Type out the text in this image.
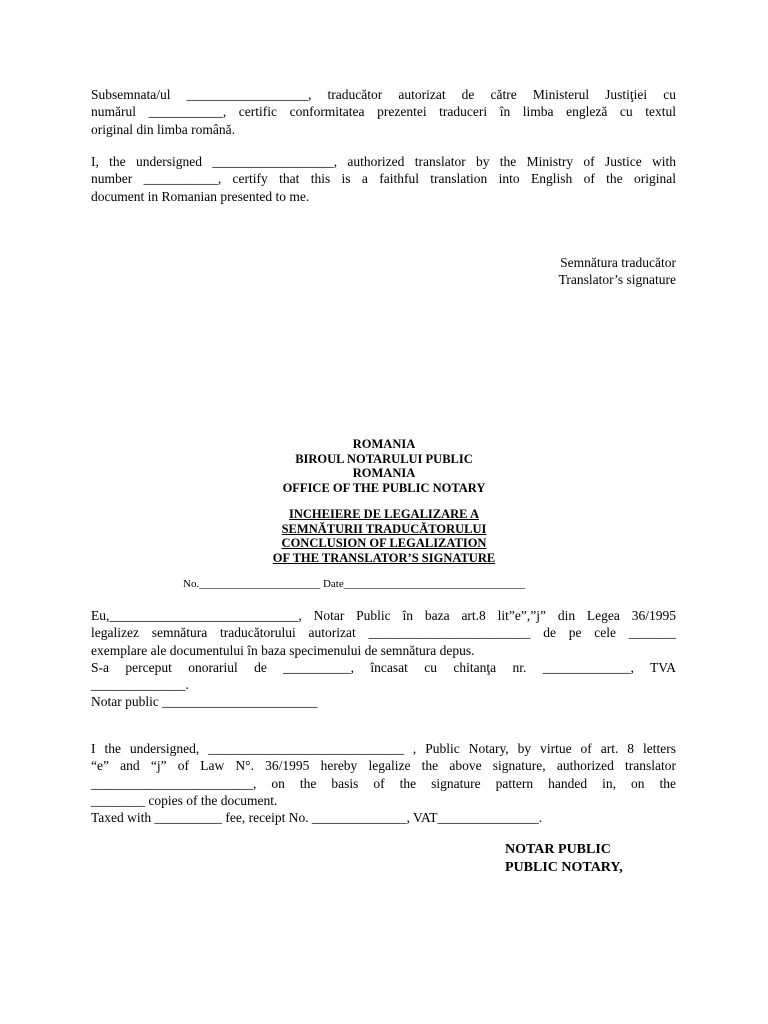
Subsemnata/ul __________________, traducător autorizat de către Ministerul Justiţiei cu
numărul ___________, certific conformitatea prezentei traduceri în limba engleză cu textul
original din limba română.
I, the undersigned __________________, authorized translator by the Ministry of Justice with
number ___________, certify that this is a faithful translation into English of the original
document in Romanian presented to me.
Semnătura traducător
Translator’s signature
ROMANIA
BIROUL NOTARULUI PUBLIC
ROMANIA
OFFICE OF THE PUBLIC NOTARY
INCHEIERE DE LEGALIZARE A
SEMNĂTURII TRADUCĂTORULUI
CONCLUSION OF LEGALIZATION
OF THE TRANSLATOR’S SIGNATURE
No.______________________ Date_________________________________
Eu,____________________________, Notar Public în baza art.8 lit”e”,”j” din Legea 36/1995
legalizez semnătura traducătorului autorizat ________________________ de pe cele _______
exemplare ale documentului în baza specimenului de semnătura depus.
S-a perceput onorariul de __________, încasat cu chitanţa nr. _____________, TVA
______________.
Notar public _______________________
I the undersigned, _____________________________ , Public Notary, by virtue of art. 8 letters
“e” and “j” of Law N°. 36/1995 hereby legalize the above signature, authorized translator
________________________, on the basis of the signature pattern handed in, on the
________ copies of the document.
Taxed with __________ fee, receipt No. ______________, VAT_______________.
NOTAR PUBLIC
PUBLIC NOTARY,
